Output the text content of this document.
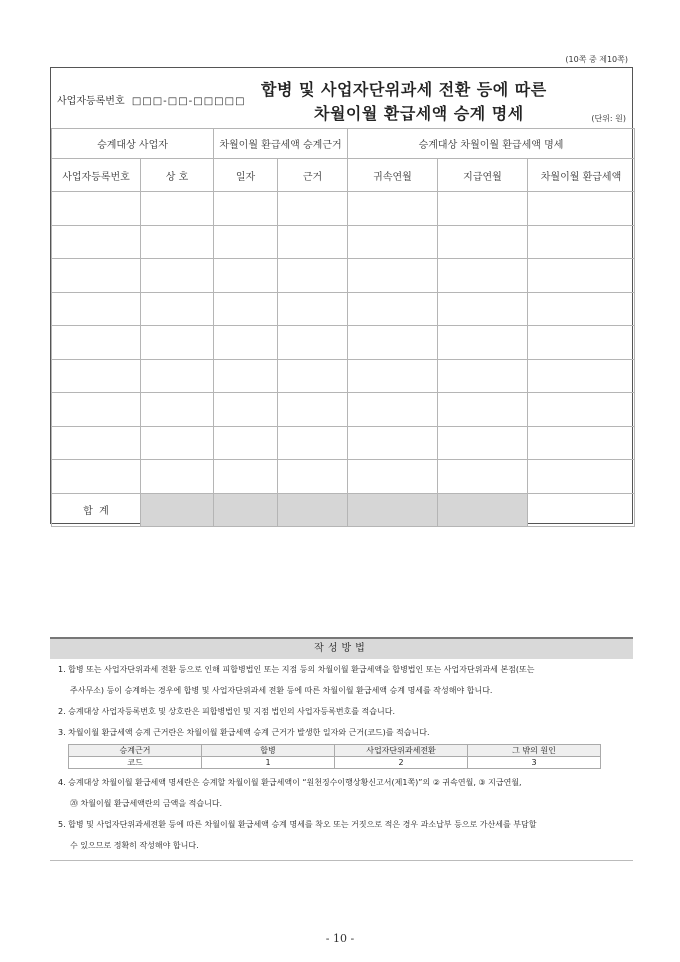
(10쪽 중 제10쪽)
사업자등록번호 □□□-□□-□□□□□
합병 및 사업자단위과세 전환 등에 따른
차월이월 환급세액 승계 명세	(단위: 원)
승계대상 사업자		차월이월 환급세액 승계근거		승계대상 차월이월 환급세액 명세		
사업자등록번호	상 호	일자	근거	귀속연월	지급연월	차월이월 환급세액

합  계						
작성방법
1. 합병 또는 사업자단위과세 전환 등으로 인해 피합병법인 또는 지점 등의 차월이월 환급세액을 합병법인 또는 사업자단위과세 본점(또는
주사무소) 등이 승계하는 경우에 합병 및 사업자단위과세 전환 등에 따른 차월이월 환급세액 승계 명세를 작성해야 합니다.
2. 승계대상 사업자등록번호 및 상호란은 피합병법인 및 지점 법인의 사업자등록번호를 적습니다.
3. 차월이월 환급세액 승계 근거란은 차월이월 환급세액 승계 근거가 발생한 일자와 근거(코드)를 적습니다.
승계근거	합병	사업자단위과세전환	그 밖의 원인
코드	1	2	3
4. 승계대상 차월이월 환급세액 명세란은 승계할 차월이월 환급세액이 “원천징수이행상황신고서(제1쪽)”의 ② 귀속연월, ③ 지급연월,
⑳ 차월이월 환급세액란의 금액을 적습니다.
5. 합병 및 사업자단위과세전환 등에 따른 차월이월 환급세액 승계 명세를 착오 또는 거짓으로 적은 경우 과소납부 등으로 가산세를 부담할
수 있으므로 정확히 작성해야 합니다.
- 10 -
